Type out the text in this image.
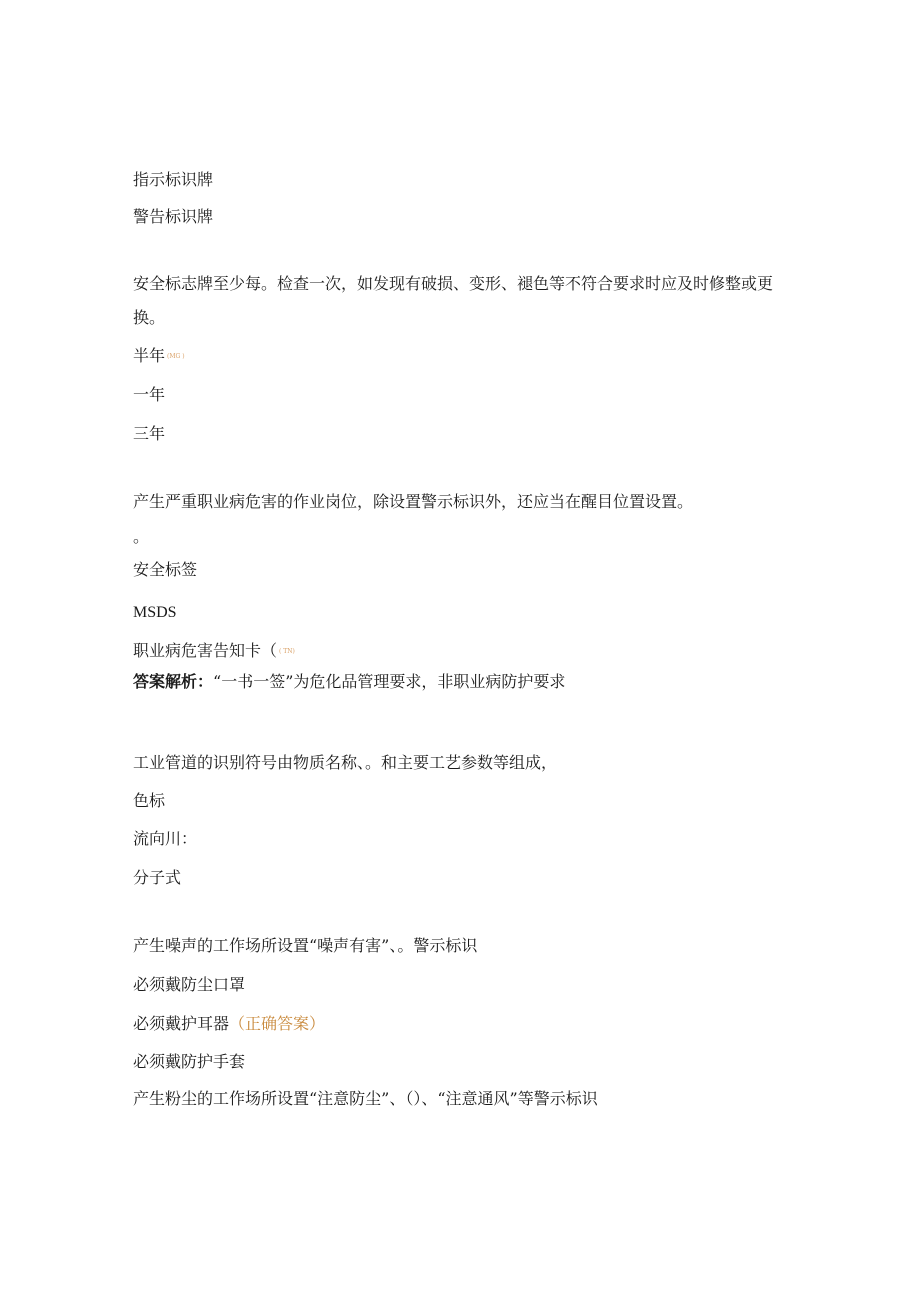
指示标识牌
警告标识牌
安全标志牌至少每。检查一次，如发现有破损、变形、褪色等不符合要求时应及时修整或更换。
半年 (MG )
一年
三年
产生严重职业病危害的作业岗位，除设置警示标识外，还应当在醒目位置设置。
。
安全标签
MSDS
职业病危害告知卡（ ( TN)
答案解析：“一书一签”为危化品管理要求，非职业病防护要求
工业管道的识别符号由物质名称、。和主要工艺参数等组成，
色标
流向川：
分子式
产生噪声的工作场所设置“噪声有害”、。警示标识
必须戴防尘口罩
必须戴护耳器（正确答案）
必须戴防护手套
产生粉尘的工作场所设置“注意防尘”、（）、“注意通风”等警示标识
